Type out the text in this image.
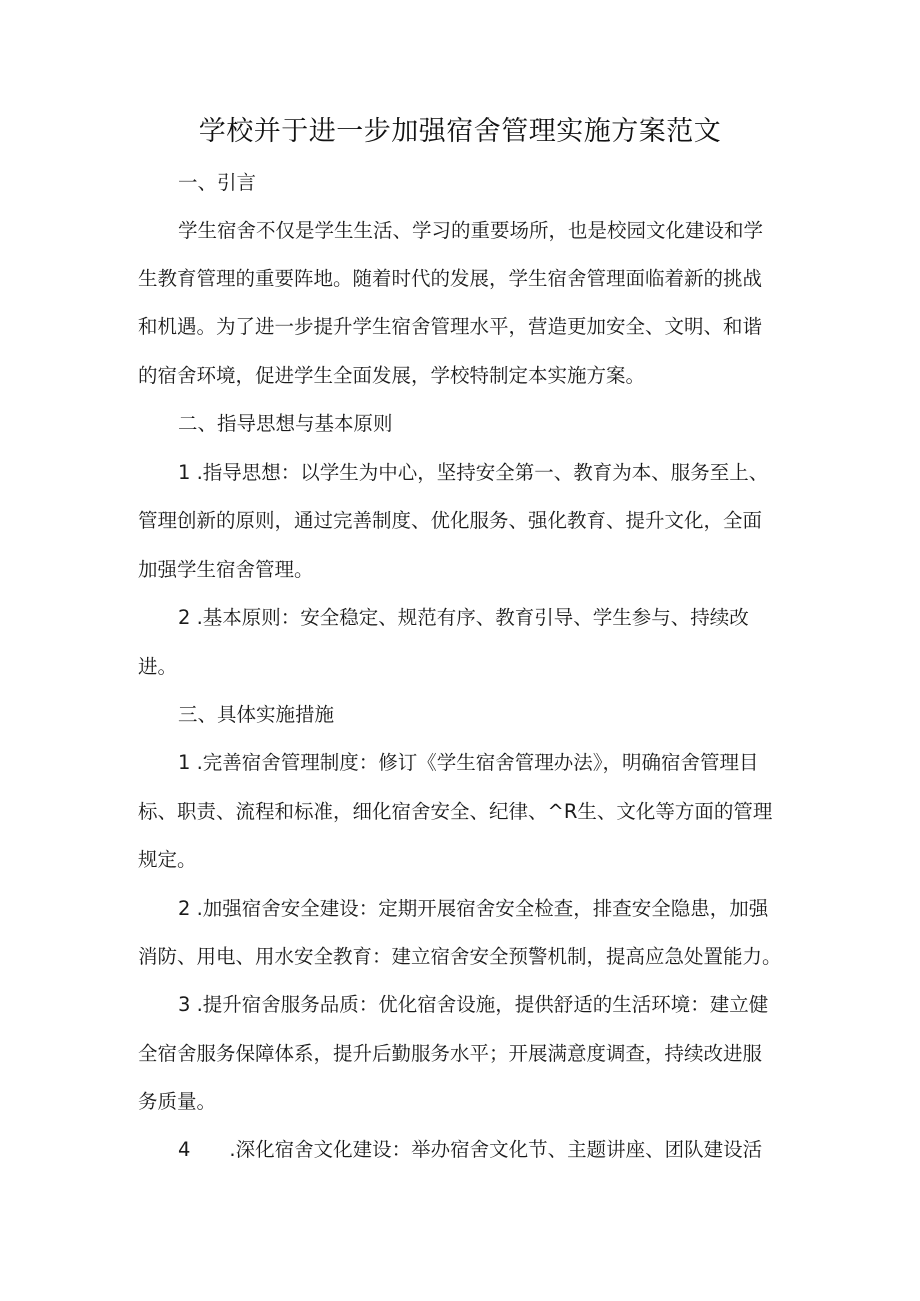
学校并于进一步加强宿舍管理实施方案范文

一、引言

学生宿舍不仅是学生生活、学习的重要场所，也是校园文化建设和学

生教育管理的重要阵地。随着时代的发展，学生宿舍管理面临着新的挑战

和机遇。为了进一步提升学生宿舍管理水平，营造更加安全、文明、和谐

的宿舍环境，促进学生全面发展，学校特制定本实施方案。

二、指导思想与基本原则

1 .指导思想：以学生为中心，坚持安全第一、教育为本、服务至上、

管理创新的原则，通过完善制度、优化服务、强化教育、提升文化，全面

加强学生宿舍管理。

2 .基本原则：安全稳定、规范有序、教育引导、学生参与、持续改

进。

三、具体实施措施

1 .完善宿舍管理制度：修订《学生宿舍管理办法》，明确宿舍管理目

标、职责、流程和标准，细化宿舍安全、纪律、^R生、文化等方面的管理

规定。

2 .加强宿舍安全建设：定期开展宿舍安全检查，排查安全隐患，加强

消防、用电、用水安全教育：建立宿舍安全预警机制，提高应急处置能力。

3 .提升宿舍服务品质：优化宿舍设施，提供舒适的生活环境：建立健

全宿舍服务保障体系，提升后勤服务水平；开展满意度调查，持续改进服

务质量。

4　　.深化宿舍文化建设：举办宿舍文化节、主题讲座、团队建设活
